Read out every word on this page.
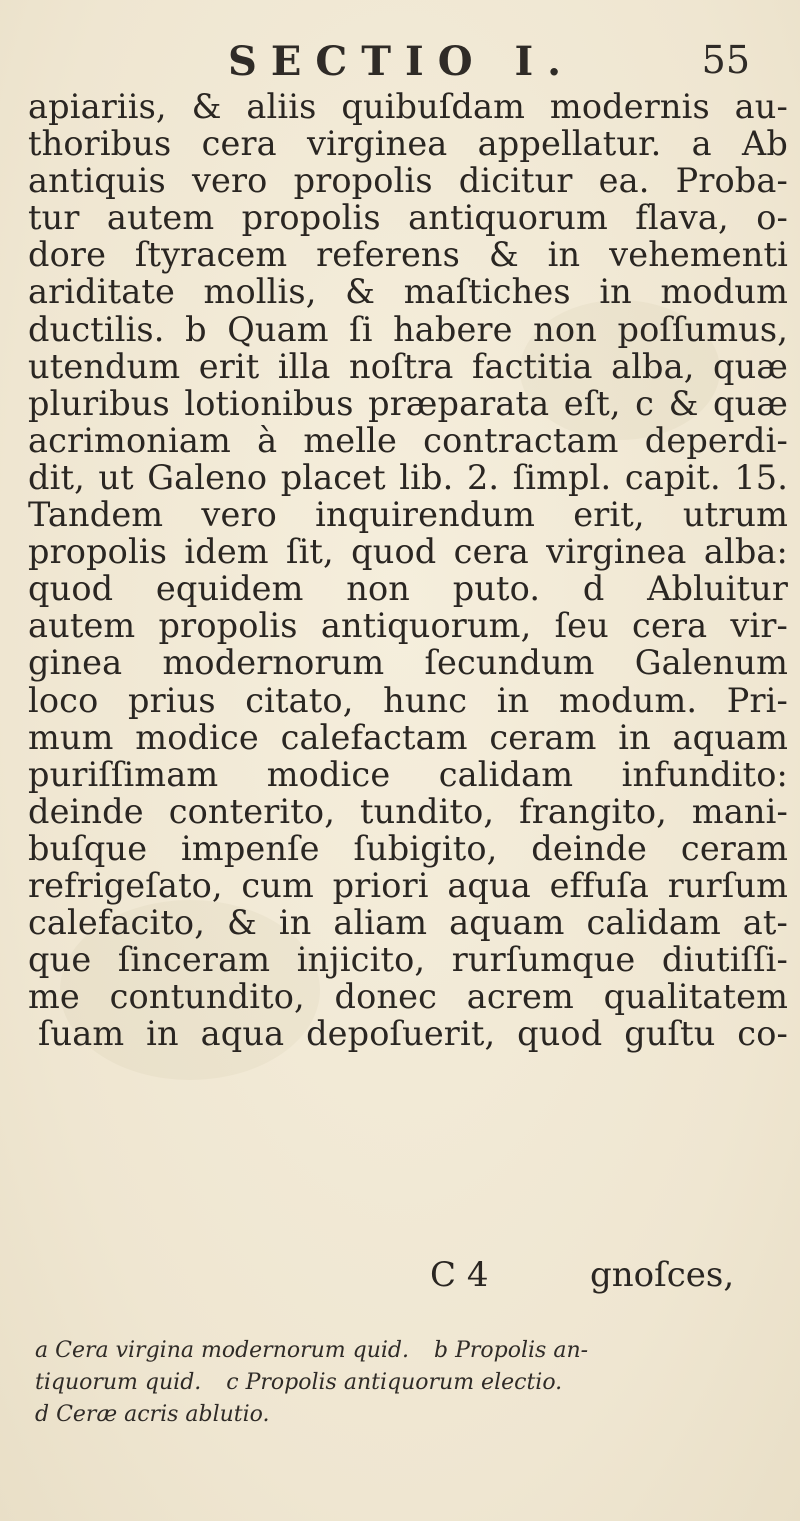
SECTIO I.	55
apiariis, & aliis quibuſdam modernis au-
thoribus cera virginea appellatur. a Ab
antiquis vero propolis dicitur ea. Proba-
tur autem propolis antiquorum flava, o-
dore ſtyracem referens & in vehementi
ariditate mollis, & maſtiches in modum
ductilis. b Quam ſi habere non poſſumus,
utendum erit illa noſtra factitia alba, quæ
pluribus lotionibus præparata eſt, c & quæ
acrimoniam à melle contractam deperdi-
dit, ut Galeno placet lib. 2. ſimpl. capit. 15.
Tandem vero inquirendum erit, utrum
propolis idem ſit, quod cera virginea alba:
quod equidem non puto. d Abluitur
autem propolis antiquorum, ſeu cera vir-
ginea modernorum ſecundum Galenum
loco prius citato, hunc in modum. Pri-
mum modice calefactam ceram in aquam
puriſſimam modice calidam infundito:
deinde conterito, tundito, frangito, mani-
buſque impenſe ſubigito, deinde ceram
refrigeſato, cum priori aqua effuſa rurſum
calefacito, & in aliam aquam calidam at-
que ſinceram injicito, rurſumque diutiſſi-
me contundito, donec acrem qualitatem
ſuam in aqua depoſuerit, quod guſtu co-
C 4	gnoſces,
a Cera virgina modernorum quid. b Propolis an-
tiquorum quid. c Propolis antiquorum electio.
d Ceræ acris ablutio.
